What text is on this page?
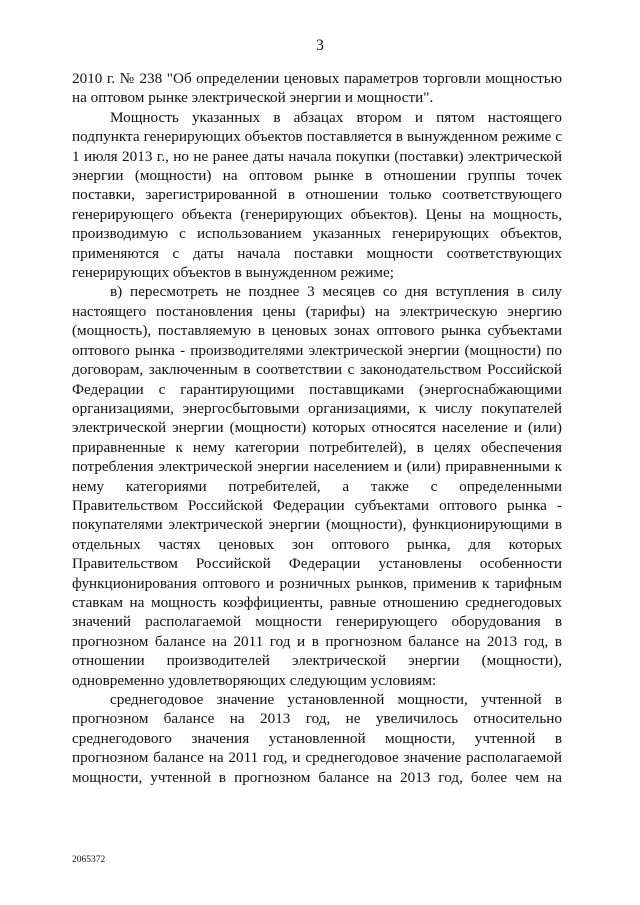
3
2010 г. № 238 "Об определении ценовых параметров торговли мощностью
на оптовом рынке электрической энергии и мощности".
Мощность указанных в абзацах втором и пятом настоящего
подпункта генерирующих объектов поставляется в вынужденном режиме с
1 июля 2013 г., но не ранее даты начала покупки (поставки) электрической
энергии (мощности) на оптовом рынке в отношении группы точек
поставки, зарегистрированной в отношении только соответствующего
генерирующего объекта (генерирующих объектов). Цены на мощность,
производимую с использованием указанных генерирующих объектов,
применяются с даты начала поставки мощности соответствующих
генерирующих объектов в вынужденном режиме;
в) пересмотреть не позднее 3 месяцев со дня вступления в силу
настоящего постановления цены (тарифы) на электрическую энергию
(мощность), поставляемую в ценовых зонах оптового рынка субъектами
оптового рынка - производителями электрической энергии (мощности) по
договорам, заключенным в соответствии с законодательством Российской
Федерации с гарантирующими поставщиками (энергоснабжающими
организациями, энергосбытовыми организациями, к числу покупателей
электрической энергии (мощности) которых относятся население и (или)
приравненные к нему категории потребителей), в целях обеспечения
потребления электрической энергии населением и (или) приравненными к
нему категориями потребителей, а также с определенными
Правительством Российской Федерации субъектами оптового рынка -
покупателями электрической энергии (мощности), функционирующими в
отдельных частях ценовых зон оптового рынка, для которых
Правительством Российской Федерации установлены особенности
функционирования оптового и розничных рынков, применив к тарифным
ставкам на мощность коэффициенты, равные отношению среднегодовых
значений располагаемой мощности генерирующего оборудования в
прогнозном балансе на 2011 год и в прогнозном балансе на 2013 год, в
отношении производителей электрической энергии (мощности),
одновременно удовлетворяющих следующим условиям:
среднегодовое значение установленной мощности, учтенной в
прогнозном балансе на 2013 год, не увеличилось относительно
среднегодового значения установленной мощности, учтенной в
прогнозном балансе на 2011 год, и среднегодовое значение располагаемой
мощности, учтенной в прогнозном балансе на 2013 год, более чем на
2065372
